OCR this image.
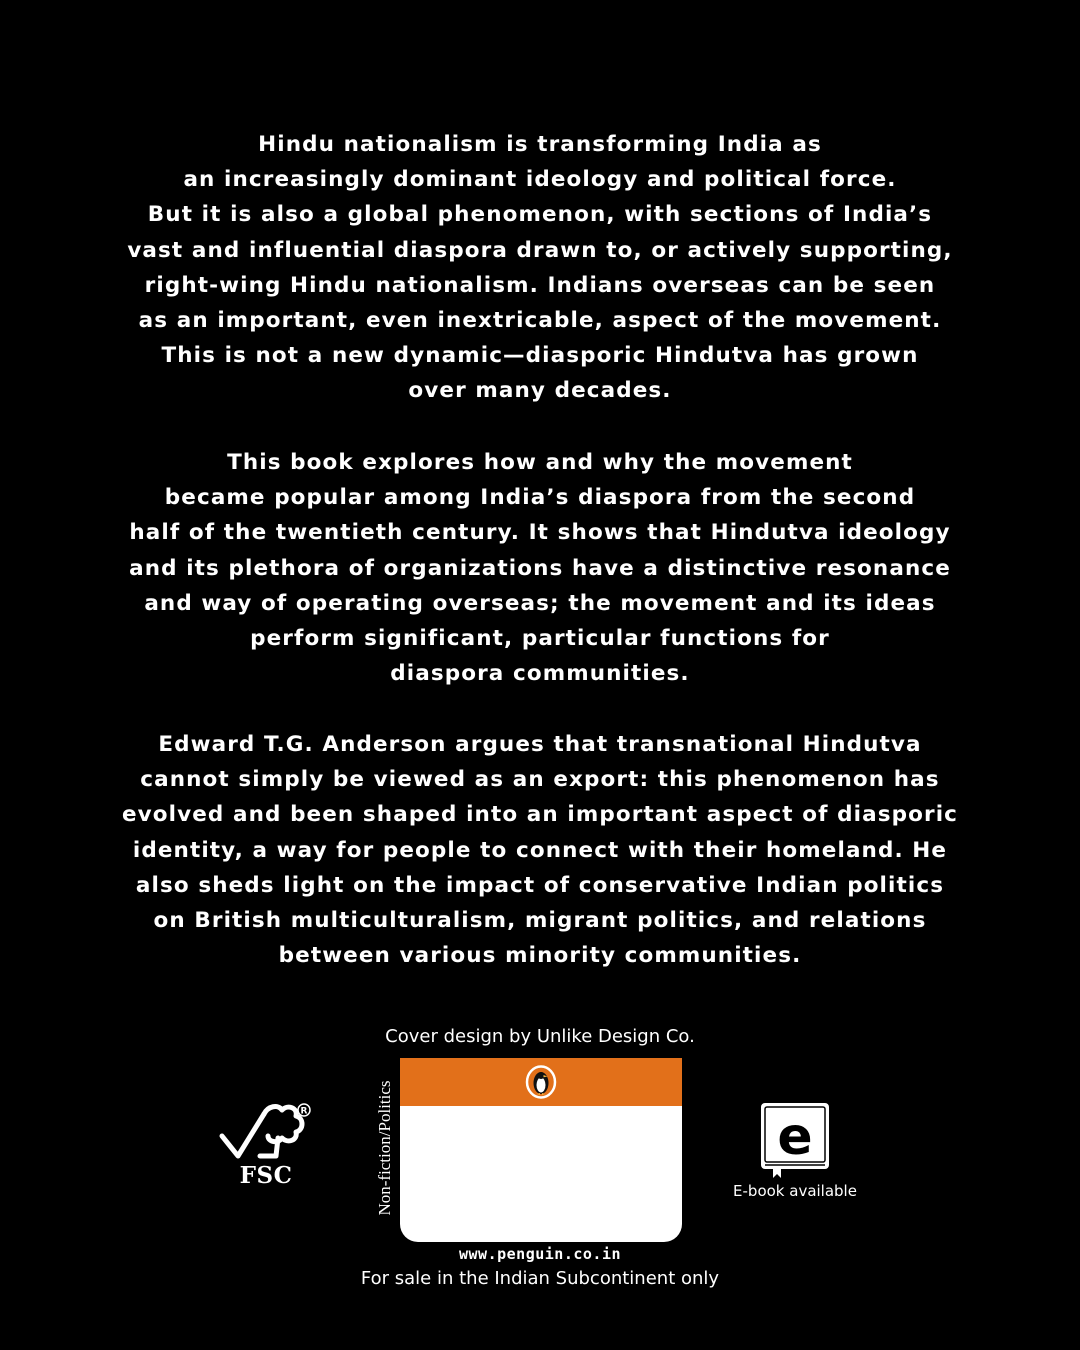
Hindu nationalism is transforming India as
an increasingly dominant ideology and political force.
But it is also a global phenomenon, with sections of India’s
vast and influential diaspora drawn to, or actively supporting,
right-wing Hindu nationalism. Indians overseas can be seen
as an important, even inextricable, aspect of the movement.
This is not a new dynamic—diasporic Hindutva has grown
over many decades.
This book explores how and why the movement
became popular among India’s diaspora from the second
half of the twentieth century. It shows that Hindutva ideology
and its plethora of organizations have a distinctive resonance
and way of operating overseas; the movement and its ideas
perform significant, particular functions for
diaspora communities.
Edward T.G. Anderson argues that transnational Hindutva
cannot simply be viewed as an export: this phenomenon has
evolved and been shaped into an important aspect of diasporic
identity, a way for people to connect with their homeland. He
also sheds light on the impact of conservative Indian politics
on British multiculturalism, migrant politics, and relations
between various minority communities.
Cover design by Unlike Design Co.
R
FSC	Non-fiction/Politics	e
E-book available
www.penguin.co.in
For sale in the Indian Subcontinent only
